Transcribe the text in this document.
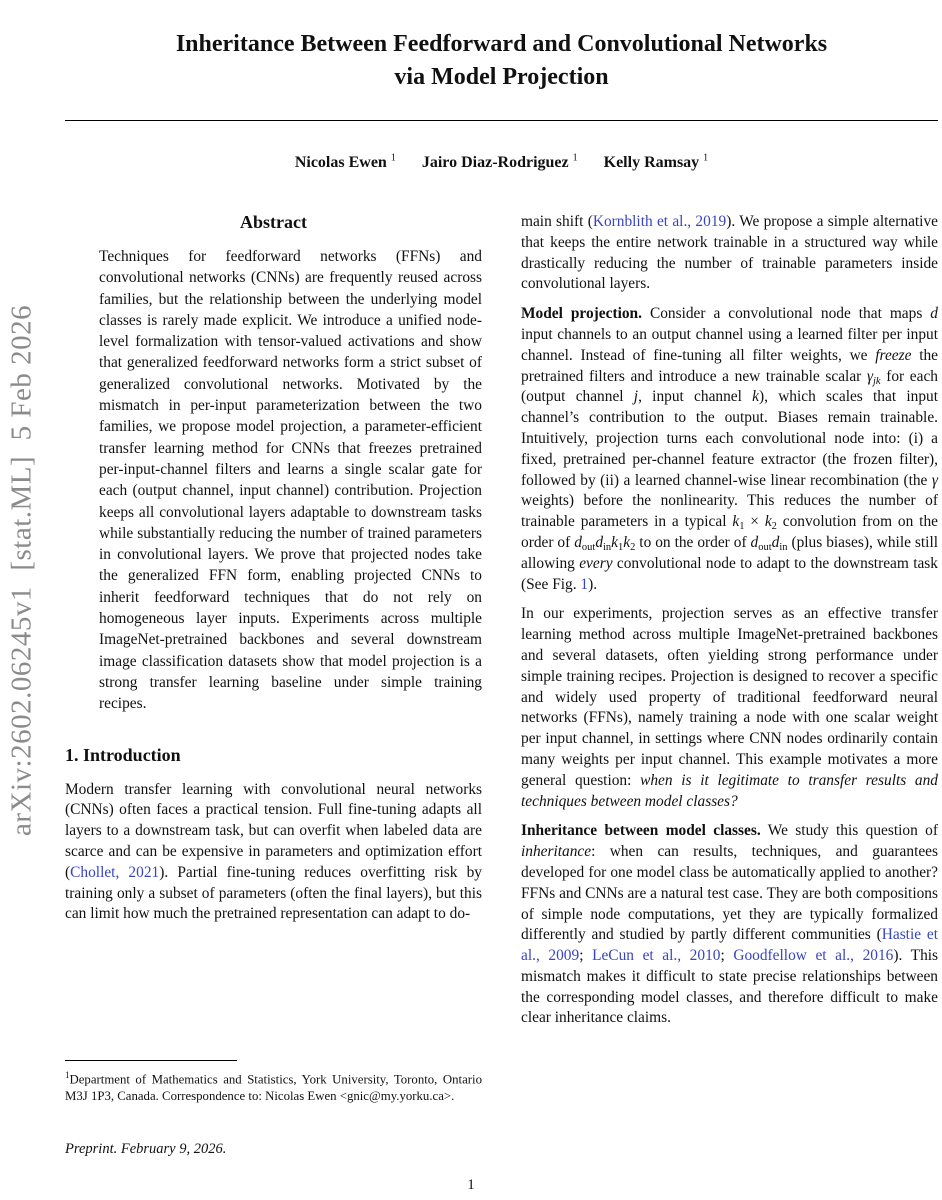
arXiv:2602.06245v1  [stat.ML]  5 Feb 2026
Inheritance Between Feedforward and Convolutional Networks
via Model Projection
Nicolas Ewen $^1$ Jairo Diaz-Rodriguez $^1$ Kelly Ramsay $^1$
Abstract

Techniques for feedforward networks (FFNs) and convolutional networks (CNNs) are frequently reused across families, but the relationship between the underlying model classes is rarely made explicit. We introduce a unified node-level formalization with tensor-valued activations and show that generalized feedforward networks form a strict subset of generalized convolutional networks. Motivated by the mismatch in per-input parameterization between the two families, we propose model projection, a parameter-efficient transfer learning method for CNNs that freezes pretrained per-input-channel filters and learns a single scalar gate for each (output channel, input channel) contribution. Projection keeps all convolutional layers adaptable to downstream tasks while substantially reducing the number of trained parameters in convolutional layers. We prove that projected nodes take the generalized FFN form, enabling projected CNNs to inherit feedforward techniques that do not rely on homogeneous layer inputs. Experiments across multiple ImageNet-pretrained backbones and several downstream image classification datasets show that model projection is a strong transfer learning baseline under simple training recipes.

1. Introduction

Modern transfer learning with convolutional neural networks (CNNs) often faces a practical tension. Full fine-tuning adapts all layers to a downstream task, but can overfit when labeled data are scarce and can be expensive in parameters and optimization effort (Chollet, 2021). Partial fine-tuning reduces overfitting risk by training only a subset of parameters (often the final layers), but this can limit how much the pretrained representation can adapt to do-

main shift (Kornblith et al., 2019). We propose a simple alternative that keeps the entire network trainable in a structured way while drastically reducing the number of trainable parameters inside convolutional layers.

Model projection. Consider a convolutional node that maps d input channels to an output channel using a learned filter per input channel. Instead of fine-tuning all filter weights, we freeze the pretrained filters and introduce a new trainable scalar γjk for each (output channel j, input channel k), which scales that input channel’s contribution to the output. Biases remain trainable. Intuitively, projection turns each convolutional node into: (i) a fixed, pretrained per-channel feature extractor (the frozen filter), followed by (ii) a learned channel-wise linear recombination (the γ weights) before the nonlinearity. This reduces the number of trainable parameters in a typical k1 × k2 convolution from on the order of doutdink1k2 to on the order of doutdin (plus biases), while still allowing every convolutional node to adapt to the downstream task (See Fig. 1).

In our experiments, projection serves as an effective transfer learning method across multiple ImageNet-pretrained backbones and several datasets, often yielding strong performance under simple training recipes. Projection is designed to recover a specific and widely used property of traditional feedforward neural networks (FFNs), namely training a node with one scalar weight per input channel, in settings where CNN nodes ordinarily contain many weights per input channel. This example motivates a more general question: when is it legitimate to transfer results and techniques between model classes?

Inheritance between model classes. We study this question of inheritance: when can results, techniques, and guarantees developed for one model class be automatically applied to another? FFNs and CNNs are a natural test case. They are both compositions of simple node computations, yet they are typically formalized differently and studied by partly different communities (Hastie et al., 2009; LeCun et al., 2010; Goodfellow et al., 2016). This mismatch makes it difficult to state precise relationships between the corresponding model classes, and therefore difficult to make clear inheritance claims.

$^1$Department of Mathematics and Statistics, York University, Toronto, Ontario M3J 1P3, Canada. Correspondence to: Nicolas Ewen <gnic@my.yorku.ca>.
Preprint. February 9, 2026.
1
